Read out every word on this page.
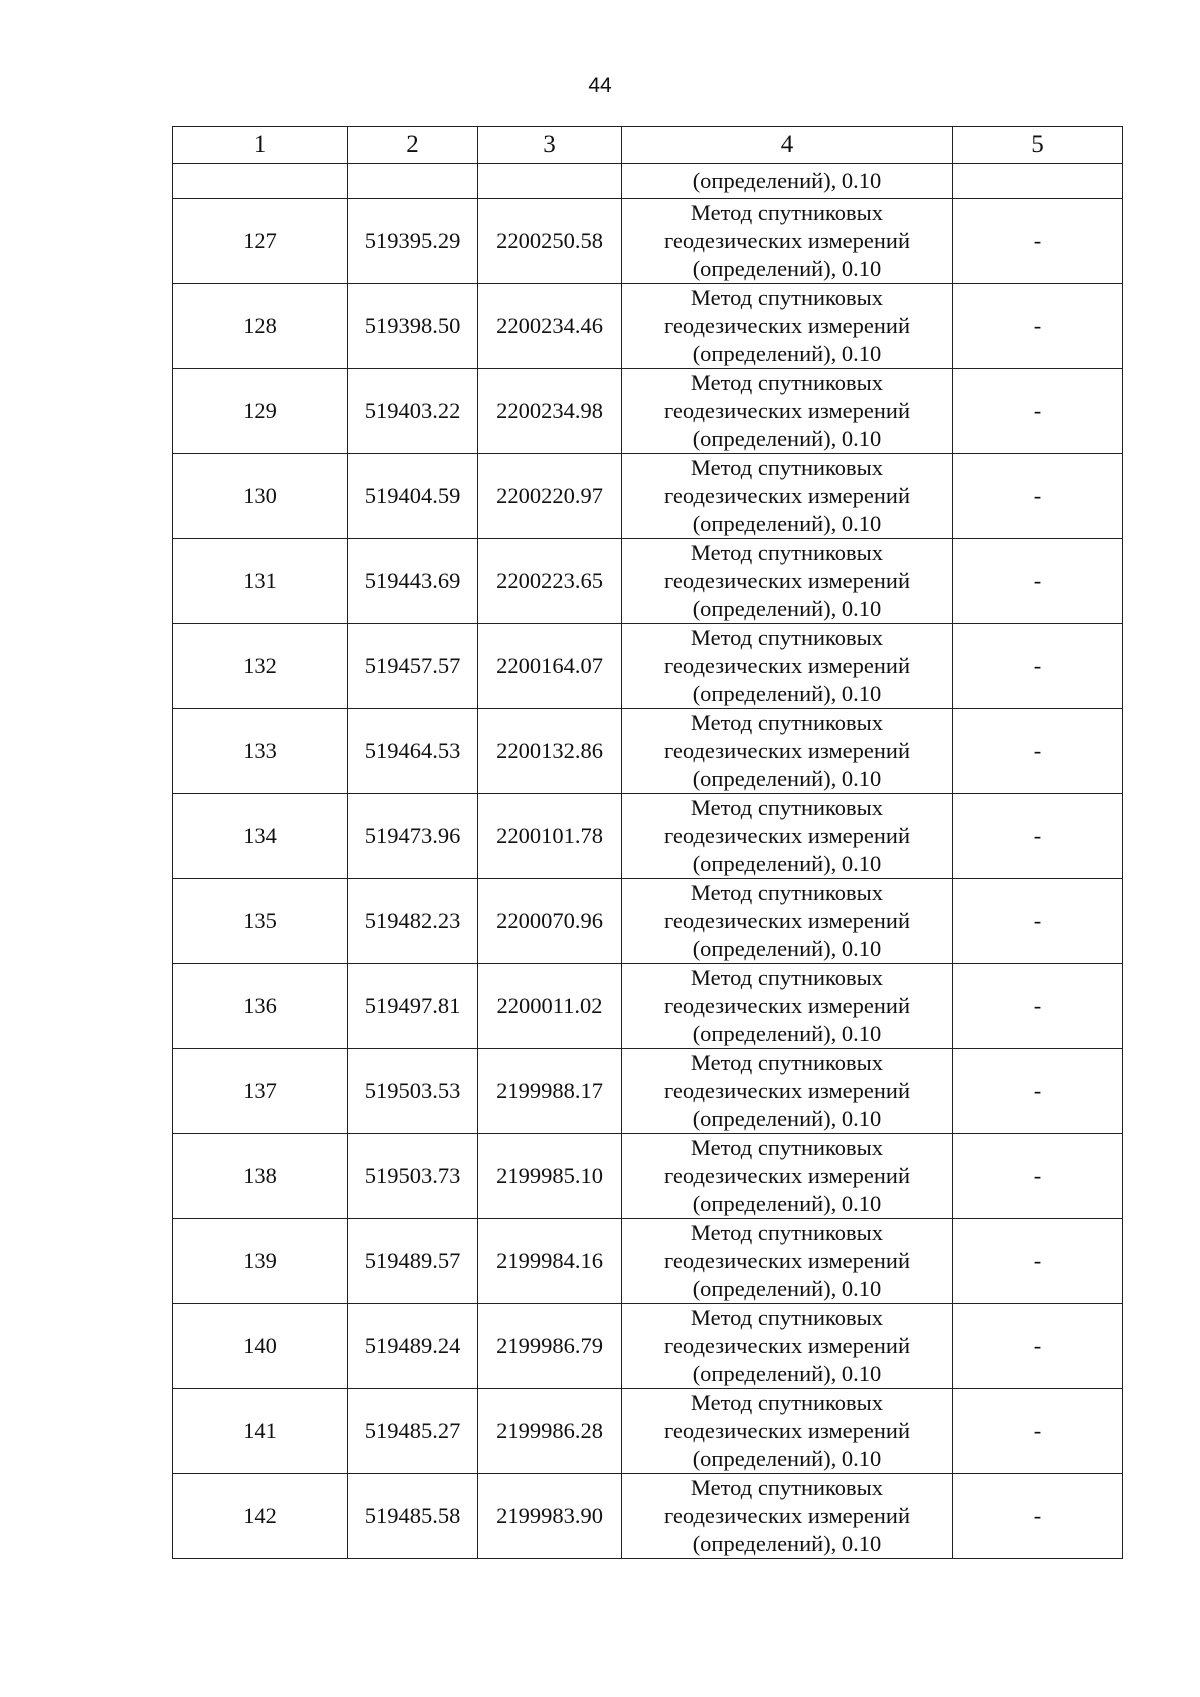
44
1	2	3	4	5
			(определений), 0.10	
127	519395.29	2200250.58	Метод спутниковых
геодезических измерений
(определений), 0.10	-
128	519398.50	2200234.46	Метод спутниковых
геодезических измерений
(определений), 0.10	-
129	519403.22	2200234.98	Метод спутниковых
геодезических измерений
(определений), 0.10	-
130	519404.59	2200220.97	Метод спутниковых
геодезических измерений
(определений), 0.10	-
131	519443.69	2200223.65	Метод спутниковых
геодезических измерений
(определений), 0.10	-
132	519457.57	2200164.07	Метод спутниковых
геодезических измерений
(определений), 0.10	-
133	519464.53	2200132.86	Метод спутниковых
геодезических измерений
(определений), 0.10	-
134	519473.96	2200101.78	Метод спутниковых
геодезических измерений
(определений), 0.10	-
135	519482.23	2200070.96	Метод спутниковых
геодезических измерений
(определений), 0.10	-
136	519497.81	2200011.02	Метод спутниковых
геодезических измерений
(определений), 0.10	-
137	519503.53	2199988.17	Метод спутниковых
геодезических измерений
(определений), 0.10	-
138	519503.73	2199985.10	Метод спутниковых
геодезических измерений
(определений), 0.10	-
139	519489.57	2199984.16	Метод спутниковых
геодезических измерений
(определений), 0.10	-
140	519489.24	2199986.79	Метод спутниковых
геодезических измерений
(определений), 0.10	-
141	519485.27	2199986.28	Метод спутниковых
геодезических измерений
(определений), 0.10	-
142	519485.58	2199983.90	Метод спутниковых
геодезических измерений
(определений), 0.10	-
